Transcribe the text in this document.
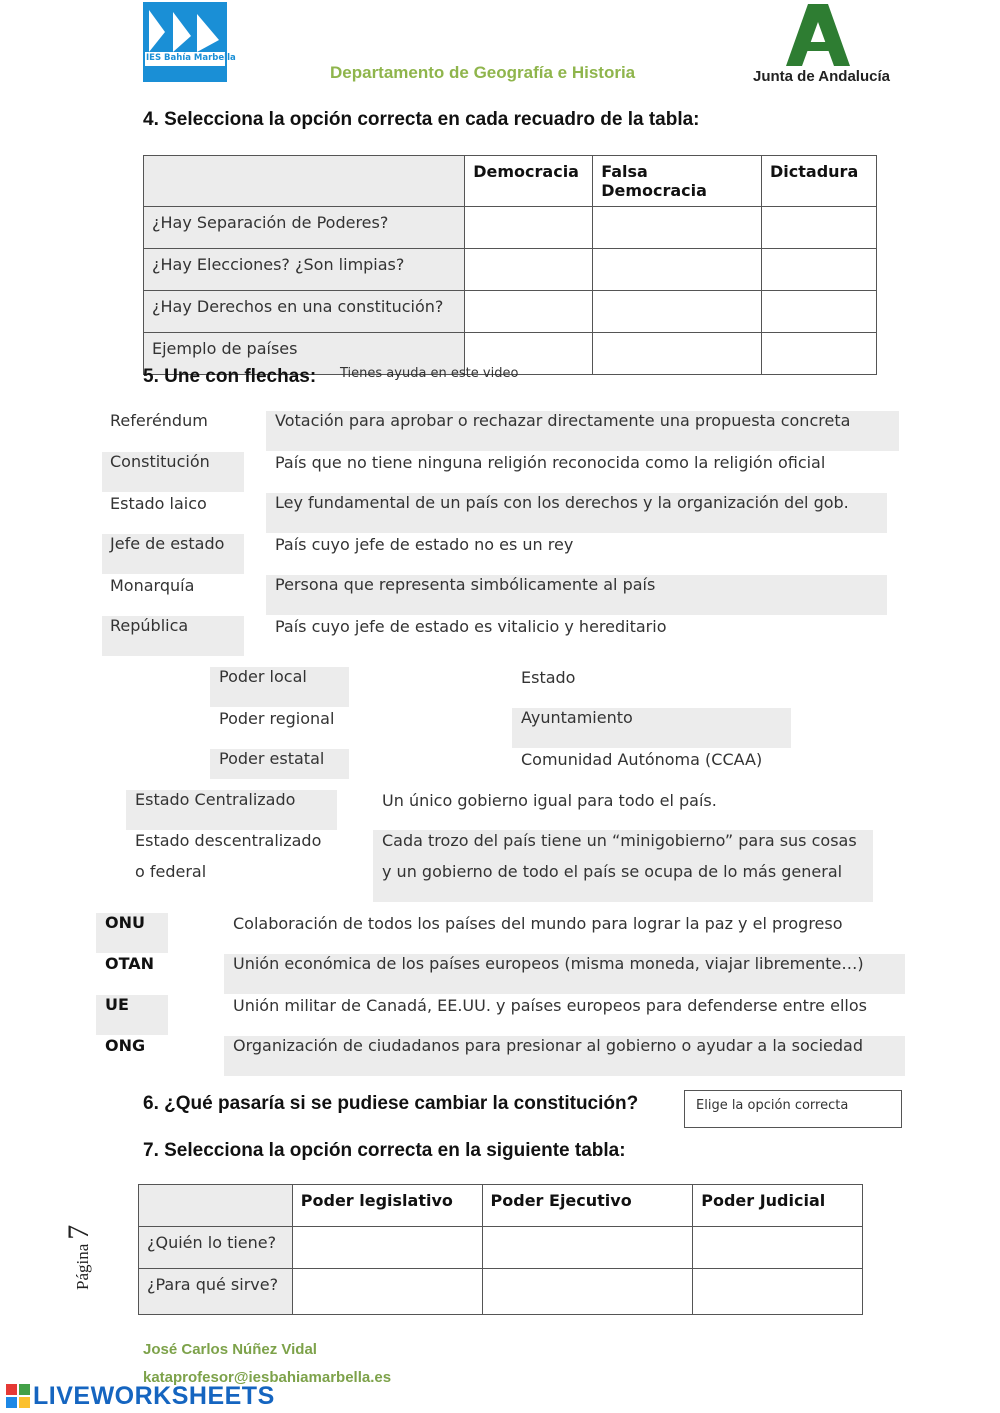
IES Bahía Marbella
Departamento de Geografía e Historia	Junta de Andalucía
4. Selecciona la opción correcta en cada recuadro de la tabla:
	Democracia	Falsa Democracia	Dictadura
¿Hay Separación de Poderes?			
¿Hay Elecciones? ¿Son limpias?			
¿Hay Derechos en una constitución?			
Ejemplo de países			
5. Une con flechas: Tienes ayuda en este video
Referéndum
Constitución
Estado laico
Jefe de estado
Monarquía
República
Votación para aprobar o rechazar directamente una propuesta concreta
País que no tiene ninguna religión reconocida como la religión oficial
Ley fundamental de un país con los derechos y la organización del gob.
País cuyo jefe de estado no es un rey
Persona que representa simbólicamente al país
País cuyo jefe de estado es vitalicio y hereditario
Poder local
Poder regional
Poder estatal
Estado
Ayuntamiento
Comunidad Autónoma (CCAA)
Estado Centralizado
Estado descentralizado
o federal
Un único gobierno igual para todo el país.
Cada trozo del país tiene un “minigobierno” para sus cosas
y un gobierno de todo el país se ocupa de lo más general
ONU
OTAN
UE
ONG
Colaboración de todos los países del mundo para lograr la paz y el progreso
Unión económica de los países europeos (misma moneda, viajar libremente…)
Unión militar de Canadá, EE.UU. y países europeos para defenderse entre ellos
Organización de ciudadanos para presionar al gobierno o ayudar a la sociedad
6. ¿Qué pasaría si se pudiese cambiar la constitución?	Elige la opción correcta
7. Selecciona la opción correcta en la siguiente tabla:
	Poder legislativo	Poder Ejecutivo	Poder Judicial
¿Quién lo tiene?			
¿Para qué sirve?			
Página 7
José Carlos Núñez Vidal
kataprofesor@iesbahiamarbella.es
LIVEWORKSHEETS
